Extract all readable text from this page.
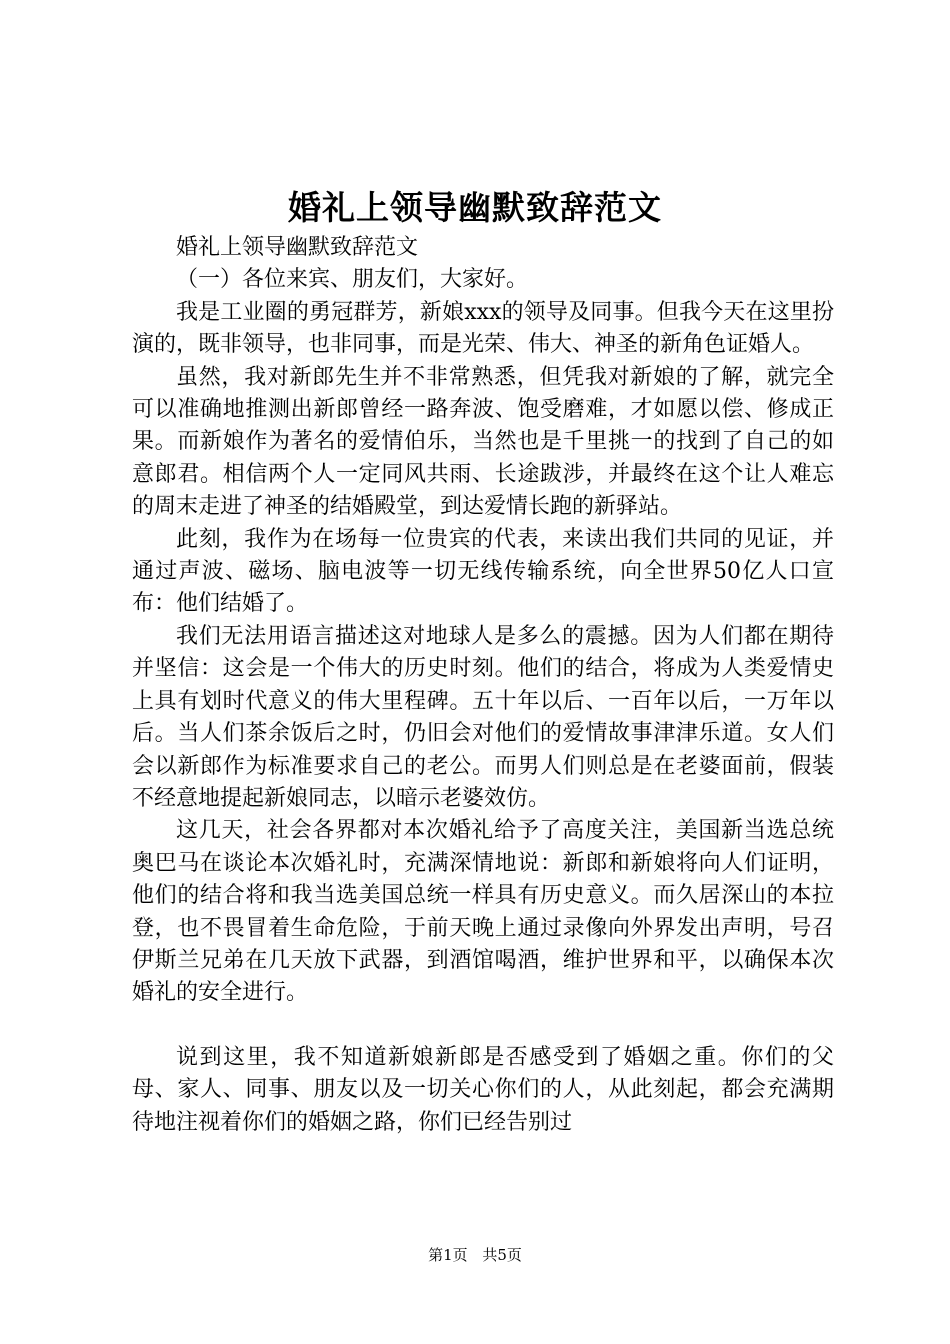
婚礼上领导幽默致辞范文

婚礼上领导幽默致辞范文

（一）各位来宾、朋友们，大家好。

我是工业圈的勇冠群芳，新娘xxx的领导及同事。但我今天在这里扮演的，既非领导，也非同事，而是光荣、伟大、神圣的新角色证婚人。

虽然，我对新郎先生并不非常熟悉，但凭我对新娘的了解，就完全可以准确地推测出新郎曾经一路奔波、饱受磨难，才如愿以偿、修成正果。而新娘作为著名的爱情伯乐，当然也是千里挑一的找到了自己的如意郎君。相信两个人一定同风共雨、长途跋涉，并最终在这个让人难忘的周末走进了神圣的结婚殿堂，到达爱情长跑的新驿站。

此刻，我作为在场每一位贵宾的代表，来读出我们共同的见证，并通过声波、磁场、脑电波等一切无线传输系统，向全世界50亿人口宣布：他们结婚了。

我们无法用语言描述这对地球人是多么的震撼。因为人们都在期待并坚信：这会是一个伟大的历史时刻。他们的结合，将成为人类爱情史上具有划时代意义的伟大里程碑。五十年以后、一百年以后，一万年以后。当人们茶余饭后之时，仍旧会对他们的爱情故事津津乐道。女人们会以新郎作为标准要求自己的老公。而男人们则总是在老婆面前，假装不经意地提起新娘同志，以暗示老婆效仿。

这几天，社会各界都对本次婚礼给予了高度关注，美国新当选总统奥巴马在谈论本次婚礼时，充满深情地说：新郎和新娘将向人们证明，他们的结合将和我当选美国总统一样具有历史意义。而久居深山的本拉登，也不畏冒着生命危险，于前天晚上通过录像向外界发出声明，号召伊斯兰兄弟在几天放下武器，到酒馆喝酒，维护世界和平，以确保本次婚礼的安全进行。

说到这里，我不知道新娘新郎是否感受到了婚姻之重。你们的父母、家人、同事、朋友以及一切关心你们的人，从此刻起，都会充满期待地注视着你们的婚姻之路，你们已经告别过

第1页 共5页
